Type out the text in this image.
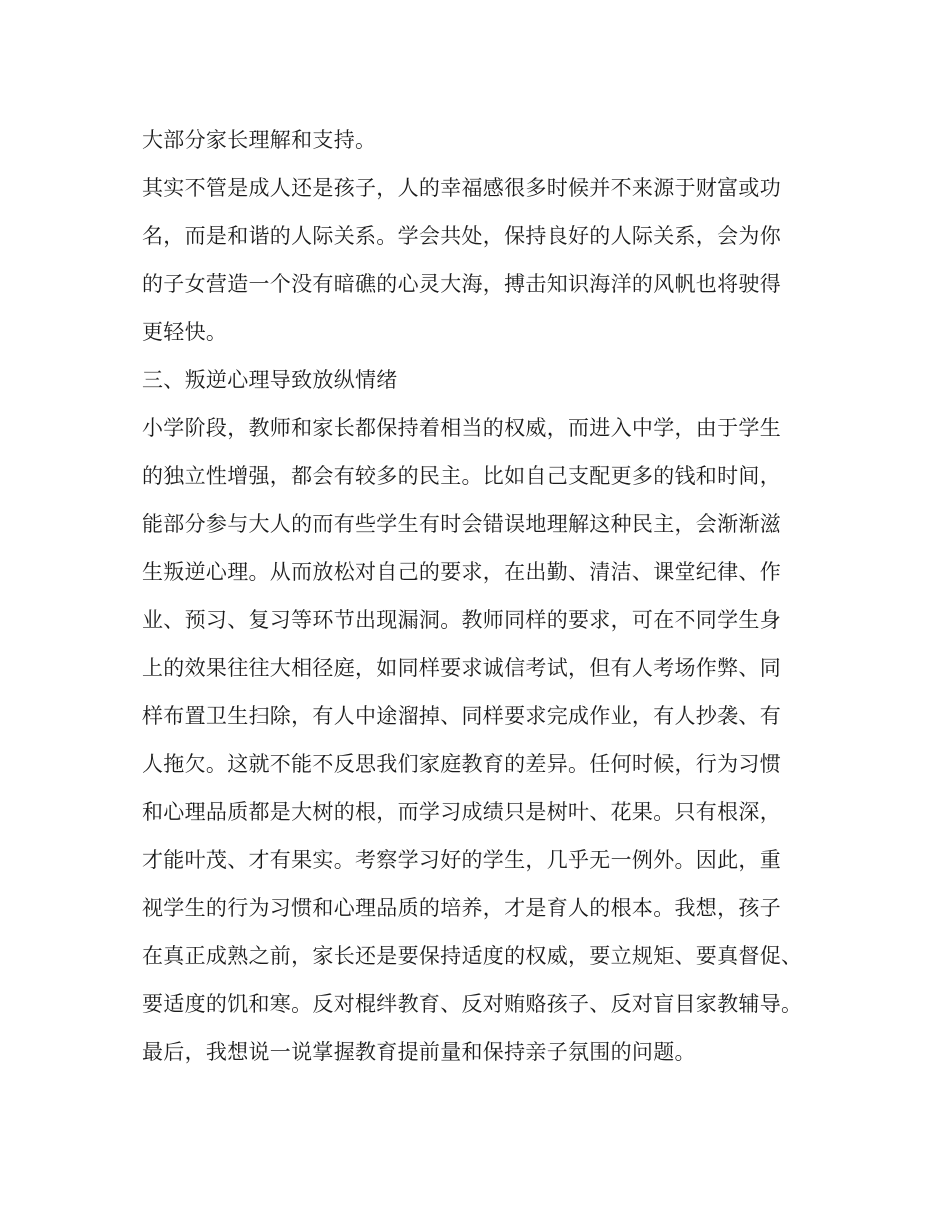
大部分家长理解和支持。
其实不管是成人还是孩子，人的幸福感很多时候并不来源于财富或功
名，而是和谐的人际关系。学会共处，保持良好的人际关系，会为你
的子女营造一个没有暗礁的心灵大海，搏击知识海洋的风帆也将驶得
更轻快。
三、叛逆心理导致放纵情绪
小学阶段，教师和家长都保持着相当的权威，而进入中学，由于学生
的独立性增强，都会有较多的民主。比如自己支配更多的钱和时间，
能部分参与大人的而有些学生有时会错误地理解这种民主，会渐渐滋
生叛逆心理。从而放松对自己的要求，在出勤、清洁、课堂纪律、作
业、预习、复习等环节出现漏洞。教师同样的要求，可在不同学生身
上的效果往往大相径庭，如同样要求诚信考试，但有人考场作弊、同
样布置卫生扫除，有人中途溜掉、同样要求完成作业，有人抄袭、有
人拖欠。这就不能不反思我们家庭教育的差异。任何时候，行为习惯
和心理品质都是大树的根，而学习成绩只是树叶、花果。只有根深，
才能叶茂、才有果实。考察学习好的学生，几乎无一例外。因此，重
视学生的行为习惯和心理品质的培养，才是育人的根本。我想，孩子
在真正成熟之前，家长还是要保持适度的权威，要立规矩、要真督促、
要适度的饥和寒。反对棍绊教育、反对贿赂孩子、反对盲目家教辅导。
最后，我想说一说掌握教育提前量和保持亲子氛围的问题。
